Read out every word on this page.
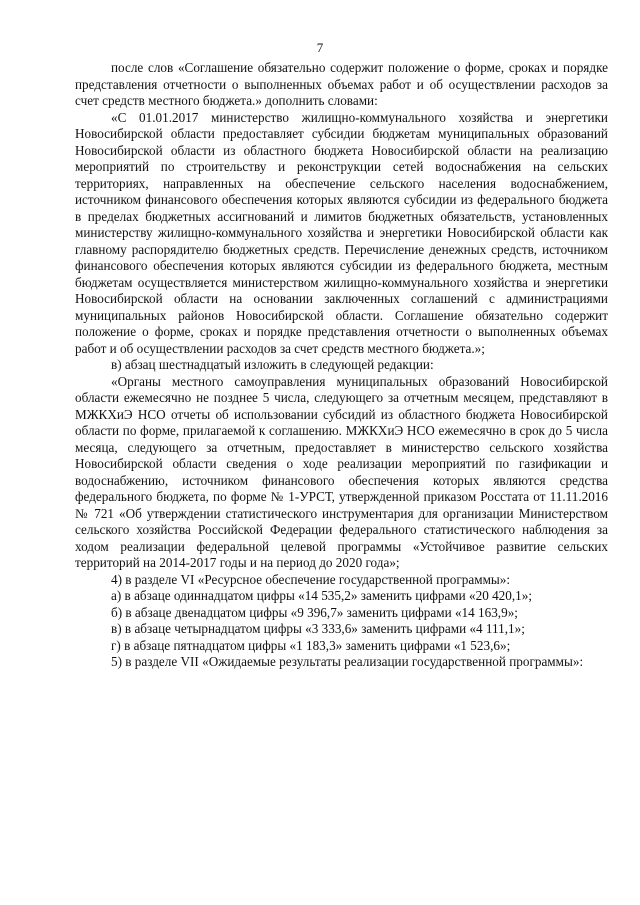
7

после слов «Соглашение обязательно содержит положение о форме, сроках и порядке представления отчетности о выполненных объемах работ и об осуществлении расходов за счет средств местного бюджета.» дополнить словами:

«С 01.01.2017 министерство жилищно-коммунального хозяйства и энергетики Новосибирской области предоставляет субсидии бюджетам муниципальных образований Новосибирской области из областного бюджета Новосибирской области на реализацию мероприятий по строительству и реконструкции сетей водоснабжения на сельских территориях, направленных на обеспечение сельского населения водоснабжением, источником финансового обеспечения которых являются субсидии из федерального бюджета в пределах бюджетных ассигнований и лимитов бюджетных обязательств, установленных министерству жилищно-коммунального хозяйства и энергетики Новосибирской области как главному распорядителю бюджетных средств. Перечисление денежных средств, источником финансового обеспечения которых являются субсидии из федерального бюджета, местным бюджетам осуществляется министерством жилищно-коммунального хозяйства и энергетики Новосибирской области на основании заключенных соглашений с администрациями муниципальных районов Новосибирской области. Соглашение обязательно содержит положение о форме, сроках и порядке представления отчетности о выполненных объемах работ и об осуществлении расходов за счет средств местного бюджета.»;

в) абзац шестнадцатый изложить в следующей редакции:

«Органы местного самоуправления муниципальных образований Новосибирской области ежемесячно не позднее 5 числа, следующего за отчетным месяцем, представляют в МЖКХиЭ НСО отчеты об использовании субсидий из областного бюджета Новосибирской области по форме, прилагаемой к соглашению. МЖКХиЭ НСО ежемесячно в срок до 5 числа месяца, следующего за отчетным, предоставляет в министерство сельского хозяйства Новосибирской области сведения о ходе реализации мероприятий по газификации и водоснабжению, источником финансового обеспечения которых являются средства федерального бюджета, по форме № 1-УРСТ, утвержденной приказом Росстата от 11.11.2016 № 721 «Об утверждении статистического инструментария для организации Министерством сельского хозяйства Российской Федерации федерального статистического наблюдения за ходом реализации федеральной целевой программы «Устойчивое развитие сельских территорий на 2014-2017 годы и на период до 2020 года»;

4) в разделе VI «Ресурсное обеспечение государственной программы»:

а) в абзаце одиннадцатом цифры «14 535,2» заменить цифрами «20 420,1»;

б) в абзаце двенадцатом цифры «9 396,7» заменить цифрами «14 163,9»;

в) в абзаце четырнадцатом цифры «3 333,6» заменить цифрами «4 111,1»;

г) в абзаце пятнадцатом цифры «1 183,3» заменить цифрами «1 523,6»;

5) в разделе VII «Ожидаемые результаты реализации государственной программы»:
